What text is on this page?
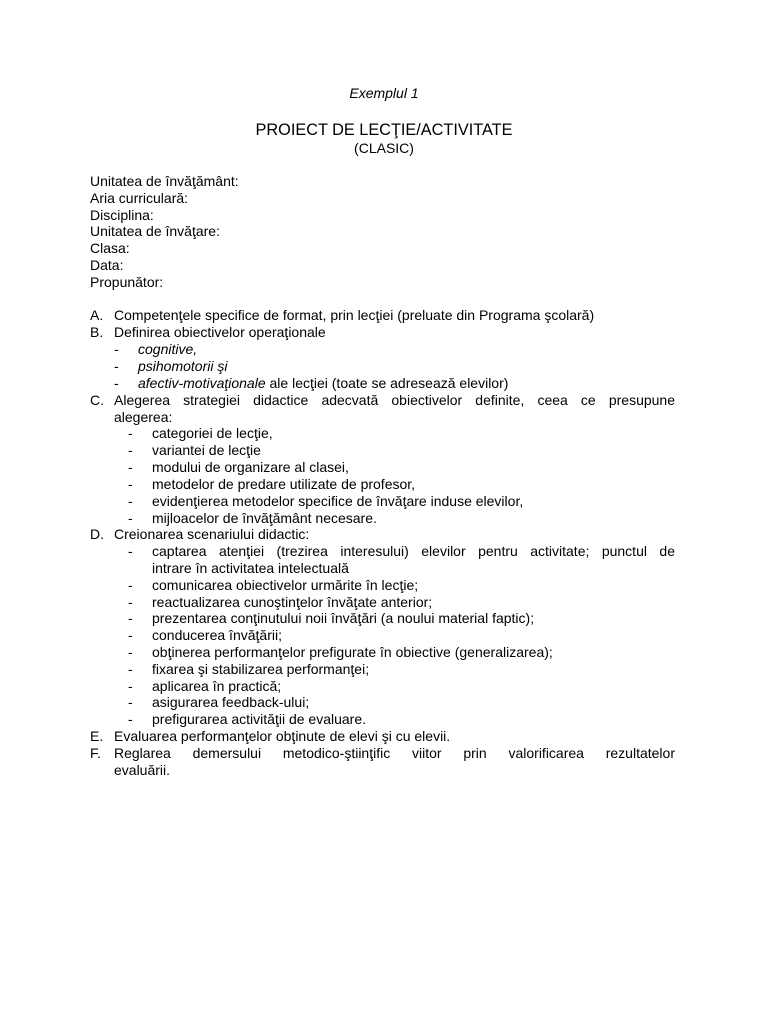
Exemplul 1
PROIECT DE LECŢIE/ACTIVITATE
(CLASIC)
Unitatea de învăţământ:
Aria curriculară:
Disciplina:
Unitatea de învăţare:
Clasa:
Data:
Propunător:
A. Competenţele specifice de format, prin lecţiei (preluate din Programa şcolară)
B. Definirea obiectivelor operaţionale
- cognitive,
- psihomotorii şi
- afectiv-motivaţionale ale lecţiei (toate se adresează elevilor)
C. Alegerea strategiei didactice adecvată obiectivelor definite, ceea ce presupune
alegerea:
- categoriei de lecţie,
- variantei de lecţie
- modului de organizare al clasei,
- metodelor de predare utilizate de profesor,
- evidenţierea metodelor specifice de învăţare induse elevilor,
- mijloacelor de învăţământ necesare.
D. Creionarea scenariului didactic:
- captarea atenţiei (trezirea interesului) elevilor pentru activitate; punctul de
intrare în activitatea intelectuală
- comunicarea obiectivelor urmărite în lecţie;
- reactualizarea cunoştinţelor învăţate anterior;
- prezentarea conţinutului noii învăţări (a noului material faptic);
- conducerea învăţării;
- obţinerea performanţelor prefigurate în obiective (generalizarea);
- fixarea şi stabilizarea performanţei;
- aplicarea în practică;
- asigurarea feedback-ului;
- prefigurarea activităţii de evaluare.
E. Evaluarea performanţelor obţinute de elevi şi cu elevii.
F. Reglarea demersului metodico-ştiinţific viitor prin valorificarea rezultatelor
evaluării.
